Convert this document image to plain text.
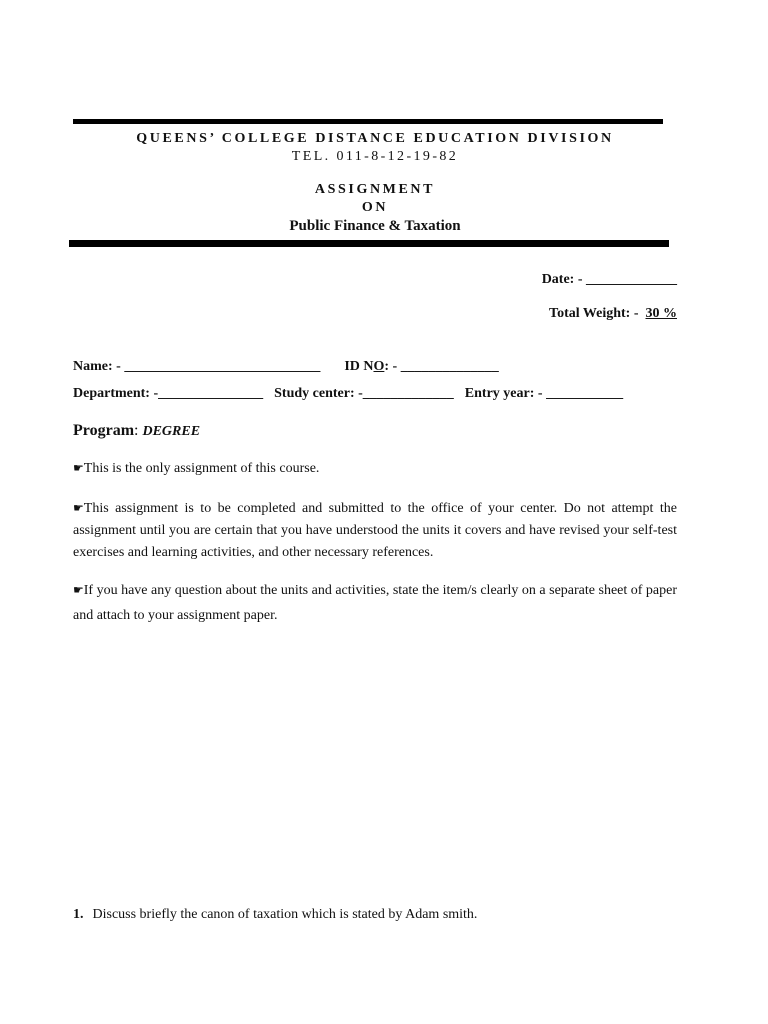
QUEENS’ COLLEGE DISTANCE EDUCATION DIVISION
TEL. 011-8-12-19-82
ASSIGNMENT
ON
Public Finance & Taxation
Date: - _____________
Total Weight: -  30 %
Name: - ____________________________ ID NO: - ______________
Department: -_______________ Study center: -_____________ Entry year: - ___________
Program: DEGREE
☛This is the only assignment of this course.
☛This assignment is to be completed and submitted to the office of your center. Do not attempt the assignment until you are certain that you have understood the units it covers and have revised your self-test exercises and learning activities, and other necessary references.
☛If you have any question about the units and activities, state the item/s clearly on a separate sheet of paper and attach to your assignment paper.
1. Discuss briefly the canon of taxation which is stated by Adam smith.
